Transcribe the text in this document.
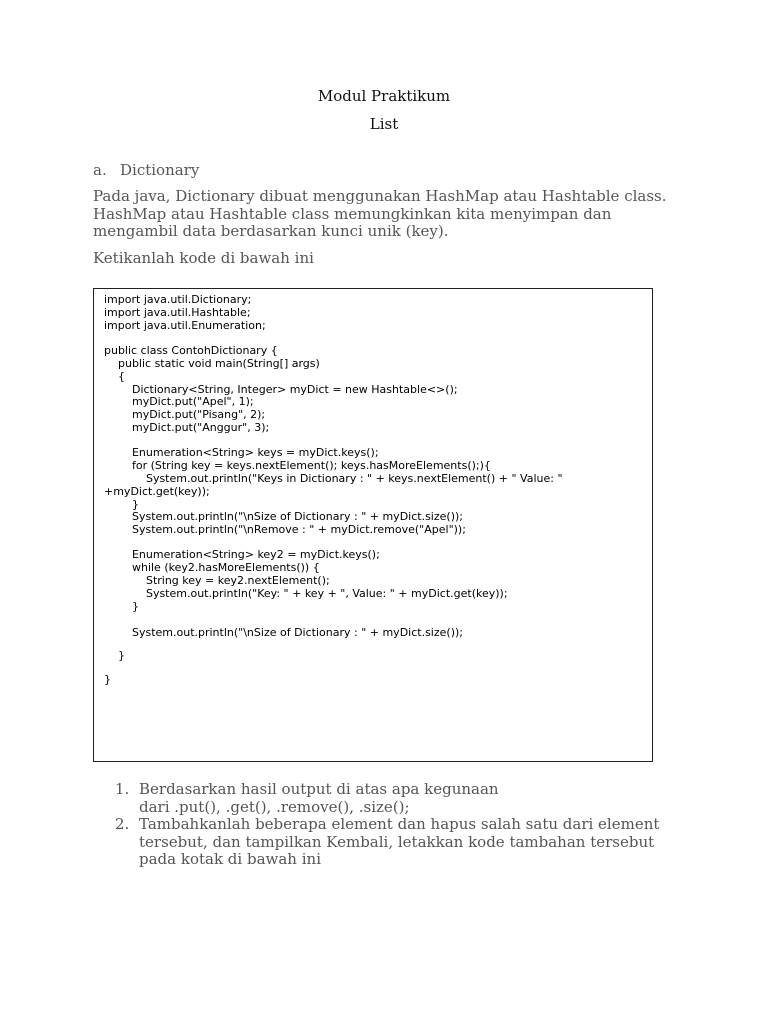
Modul Praktikum
List
a. Dictionary
Pada java, Dictionary dibuat menggunakan HashMap atau Hashtable class.
HashMap atau Hashtable class memungkinkan kita menyimpan dan
mengambil data berdasarkan kunci unik (key).
Ketikanlah kode di bawah ini
import java.util.Dictionary;
import java.util.Hashtable;
import java.util.Enumeration;
public class ContohDictionary {
public static void main(String[] args)
{
Dictionary<String, Integer> myDict = new Hashtable<>();
myDict.put("Apel", 1);
myDict.put("Pisang", 2);
myDict.put("Anggur", 3);
Enumeration<String> keys = myDict.keys();
for (String key = keys.nextElement(); keys.hasMoreElements();){
System.out.println("Keys in Dictionary : " + keys.nextElement() + " Value: "
+myDict.get(key));
}
System.out.println("\nSize of Dictionary : " + myDict.size());
System.out.println("\nRemove : " + myDict.remove("Apel"));
Enumeration<String> key2 = myDict.keys();
while (key2.hasMoreElements()) {
String key = key2.nextElement();
System.out.println("Key: " + key + ", Value: " + myDict.get(key));
}
System.out.println("\nSize of Dictionary : " + myDict.size());
}
}
1. Berdasarkan hasil output di atas apa kegunaan
dari .put(), .get(), .remove(), .size();
2. Tambahkanlah beberapa element dan hapus salah satu dari element
tersebut, dan tampilkan Kembali, letakkan kode tambahan tersebut
pada kotak di bawah ini
